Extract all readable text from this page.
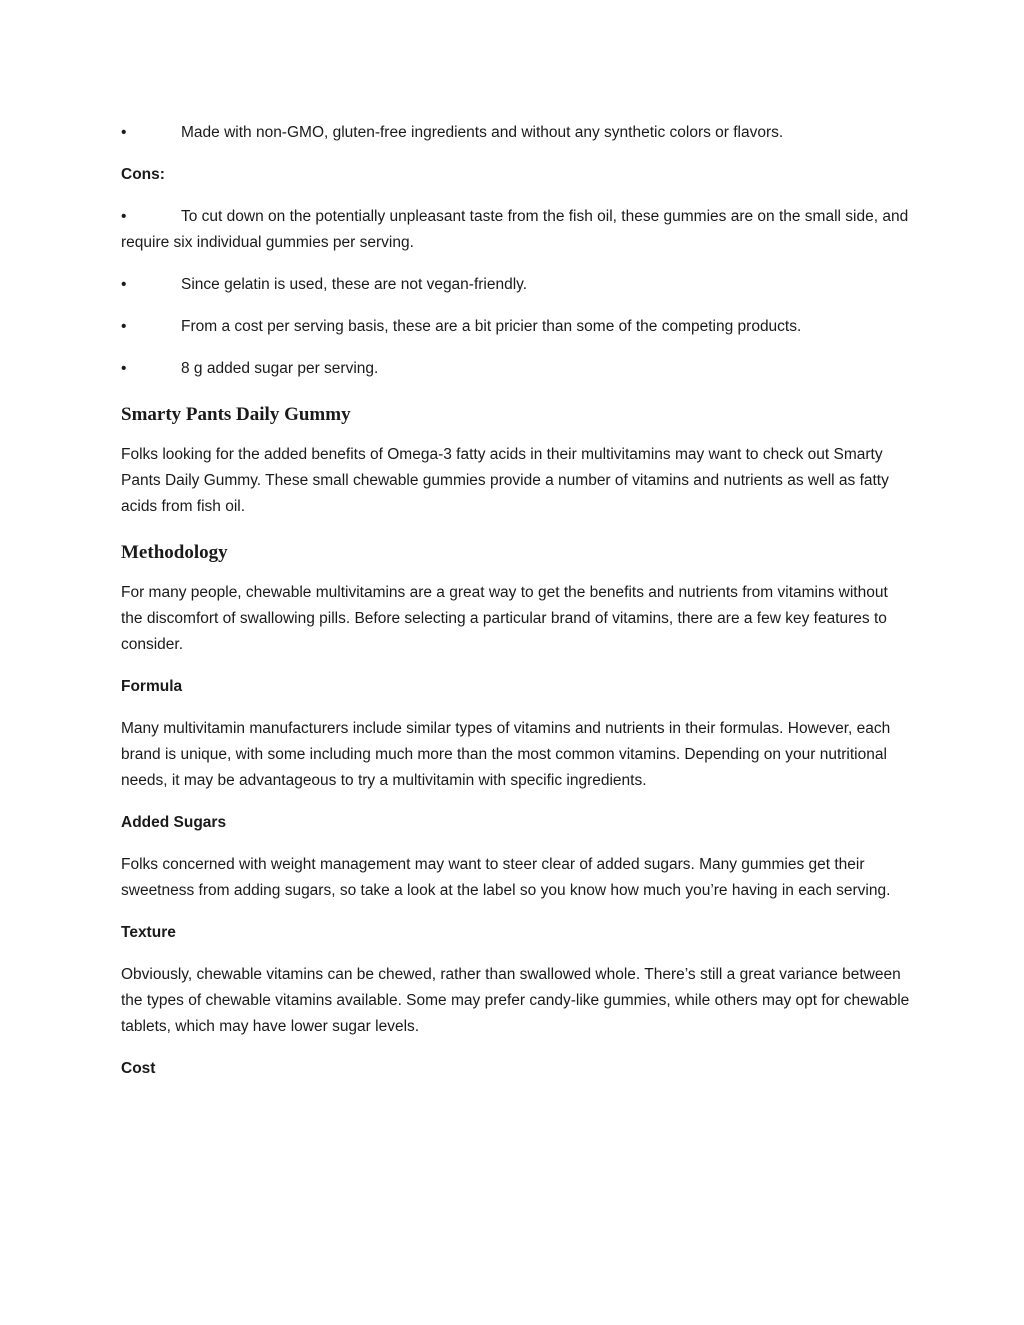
•	Made with non-GMO, gluten-free ingredients and without any synthetic colors or flavors.
Cons:
•	To cut down on the potentially unpleasant taste from the fish oil, these gummies are on the small side, and require six individual gummies per serving.
•	Since gelatin is used, these are not vegan-friendly.
•	From a cost per serving basis, these are a bit pricier than some of the competing products.
•	8 g added sugar per serving.
Smarty Pants Daily Gummy

Folks looking for the added benefits of Omega-3 fatty acids in their multivitamins may want to check out Smarty Pants Daily Gummy. These small chewable gummies provide a number of vitamins and nutrients as well as fatty acids from fish oil.

Methodology

For many people, chewable multivitamins are a great way to get the benefits and nutrients from vitamins without the discomfort of swallowing pills. Before selecting a particular brand of vitamins, there are a few key features to consider.

Formula

Many multivitamin manufacturers include similar types of vitamins and nutrients in their formulas. However, each brand is unique, with some including much more than the most common vitamins. Depending on your nutritional needs, it may be advantageous to try a multivitamin with specific ingredients.

Added Sugars

Folks concerned with weight management may want to steer clear of added sugars. Many gummies get their sweetness from adding sugars, so take a look at the label so you know how much you’re having in each serving.

Texture

Obviously, chewable vitamins can be chewed, rather than swallowed whole. There’s still a great variance between the types of chewable vitamins available. Some may prefer candy-like gummies, while others may opt for chewable tablets, which may have lower sugar levels.

Cost
